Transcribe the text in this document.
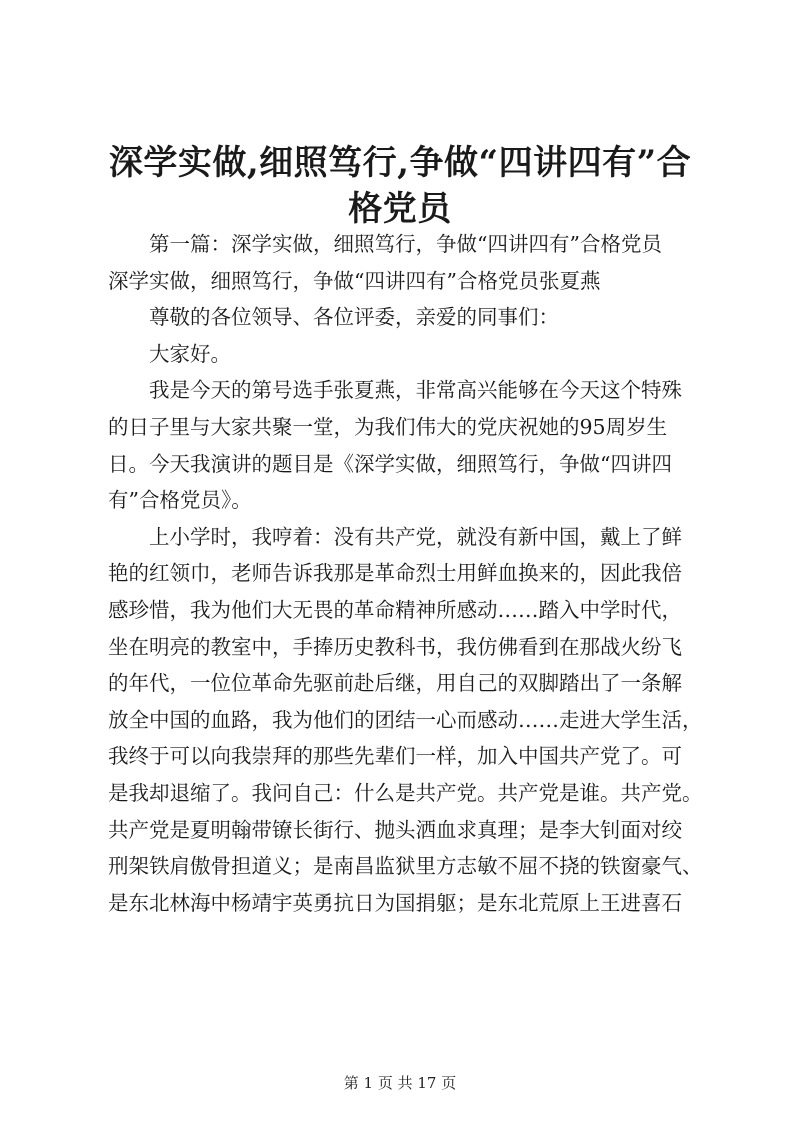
深学实做,细照笃行,争做“四讲四有”合格党员
第一篇：深学实做，细照笃行，争做“四讲四有”合格党员
深学实做，细照笃行，争做“四讲四有”合格党员张夏燕
尊敬的各位领导、各位评委，亲爱的同事们：
大家好。
我是今天的第号选手张夏燕，非常高兴能够在今天这个特殊
的日子里与大家共聚一堂，为我们伟大的党庆祝她的95周岁生
日。今天我演讲的题目是《深学实做，细照笃行，争做“四讲四
有”合格党员》。
上小学时，我哼着：没有共产党，就没有新中国，戴上了鲜
艳的红领巾，老师告诉我那是革命烈士用鲜血换来的，因此我倍
感珍惜，我为他们大无畏的革命精神所感动……踏入中学时代，
坐在明亮的教室中，手捧历史教科书，我仿佛看到在那战火纷飞
的年代，一位位革命先驱前赴后继，用自己的双脚踏出了一条解
放全中国的血路，我为他们的团结一心而感动……走进大学生活，
我终于可以向我崇拜的那些先辈们一样，加入中国共产党了。可
是我却退缩了。我问自己：什么是共产党。共产党是谁。共产党。
共产党是夏明翰带镣长街行、抛头洒血求真理；是李大钊面对绞
刑架铁肩傲骨担道义；是南昌监狱里方志敏不屈不挠的铁窗豪气、
是东北林海中杨靖宇英勇抗日为国捐躯；是东北荒原上王进喜石
第 1 页 共 17 页
